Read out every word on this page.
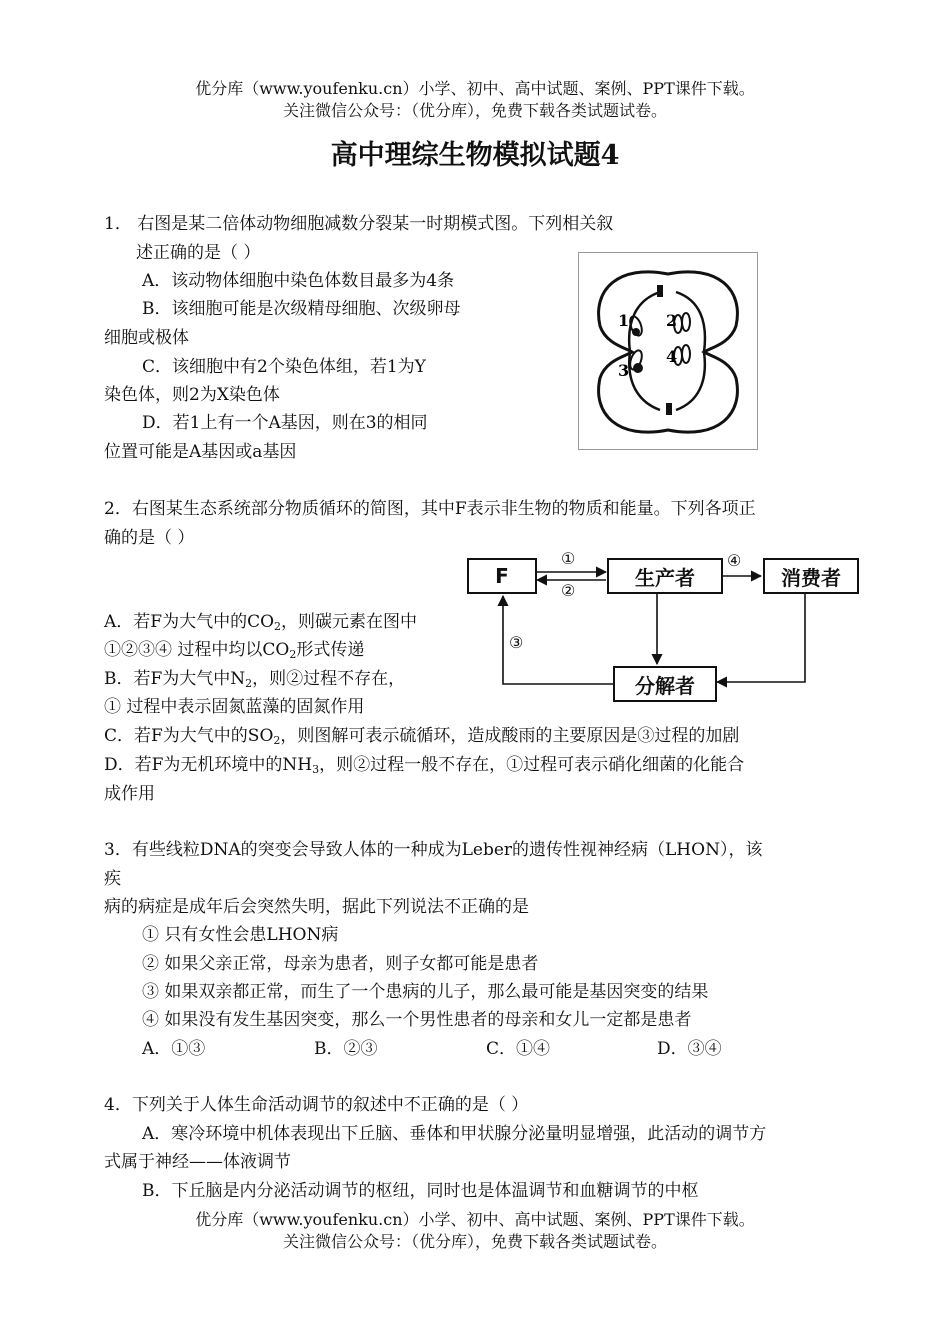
优分库（www.youfenku.cn）小学、初中、高中试题、案例、PPT课件下载。
关注微信公众号：（优分库），免费下载各类试题试卷。
高中理综生物模拟试题4
1． 右图是某二倍体动物细胞减数分裂某一时期模式图。下列相关叙
述正确的是（ ）
A．该动物体细胞中染色体数目最多为4条
B．该细胞可能是次级精母细胞、次级卵母
细胞或极体
C．该细胞中有2个染色体组，若1为Y
染色体，则2为X染色体
D．若1上有一个A基因，则在3的相同
位置可能是A基因或a基因
1 2
3
4
2．右图某生态系统部分物质循环的简图，其中F表示非生物的物质和能量。下列各项正
确的是（ ）
F	生产者	消费者
分解者
①
②
③
④
A．若F为大气中的$CO_2$，则碳元素在图中
①②③④ 过程中均以$CO_2$形式传递
B．若F为大气中$N_2$，则②过程不存在，
① 过程中表示固氮蓝藻的固氮作用
C．若F为大气中的$SO_2$，则图解可表示硫循环，造成酸雨的主要原因是③过程的加剧
D．若F为无机环境中的$NH_3$，则②过程一般不存在，①过程可表示硝化细菌的化能合
成作用
3．有些线粒DNA的突变会导致人体的一种成为Leber的遗传性视神经病（LHON），该
疾
病的病症是成年后会突然失明，据此下列说法不正确的是
① 只有女性会患LHON病
② 如果父亲正常，母亲为患者，则子女都可能是患者
③ 如果双亲都正常，而生了一个患病的儿子，那么最可能是基因突变的结果
④ 如果没有发生基因突变，那么一个男性患者的母亲和女儿一定都是患者
A．①③	B．②③	C．①④	D．③④
4．下列关于人体生命活动调节的叙述中不正确的是（ ）
A．寒冷环境中机体表现出下丘脑、垂体和甲状腺分泌量明显增强，此活动的调节方
式属于神经——体液调节
B．下丘脑是内分泌活动调节的枢纽，同时也是体温调节和血糖调节的中枢
优分库（www.youfenku.cn）小学、初中、高中试题、案例、PPT课件下载。
关注微信公众号：（优分库），免费下载各类试题试卷。
